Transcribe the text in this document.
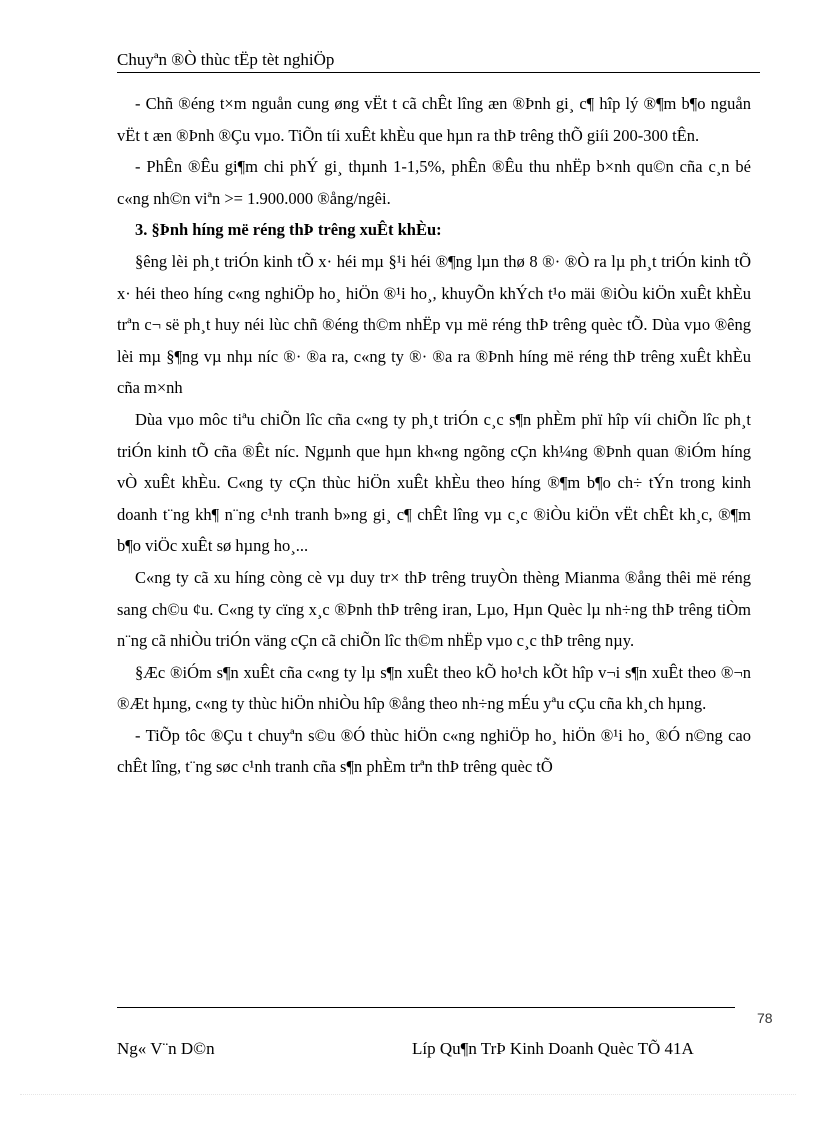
Chuyªn ®Ò thùc tËp tèt nghiÖp

- Chñ ®éng t×m nguån cung øng vËt t cã chÊt lîng æn ®Þnh gi¸ c¶ hîp lý ®¶m b¶o nguån vËt t æn ®Þnh ®Çu vµo. TiÕn tíi xuÊt khÈu que hµn ra thÞ trêng thÕ giíi 200-300 tÊn.

- PhÊn ®Êu gi¶m chi phÝ gi¸ thµnh 1-1,5%, phÊn ®Êu thu nhËp b×nh qu©n cña c¸n bé c«ng nh©n viªn >= 1.900.000 ®ång/ngêi.

3. §Þnh híng më réng thÞ trêng xuÊt khÈu:

§êng lèi ph¸t triÓn kinh tÕ x· héi mµ §¹i héi ®¶ng lµn thø 8 ®· ®Ò ra lµ ph¸t triÓn kinh tÕ x· héi theo híng c«ng nghiÖp ho¸ hiÖn ®¹i ho¸, khuyÕn khÝch t¹o mäi ®iÒu kiÖn xuÊt khÈu trªn c¬ së ph¸t huy néi lùc chñ ®éng th©m nhËp vµ më réng thÞ trêng quèc tÕ. Dùa vµo ®êng lèi mµ §¶ng vµ nhµ níc ®· ®a ra, c«ng ty ®· ®a ra ®Þnh híng më réng thÞ trêng xuÊt khÈu cña m×nh

Dùa vµo môc tiªu chiÕn lîc cña c«ng ty ph¸t triÓn c¸c s¶n phÈm phï hîp víi chiÕn lîc ph¸t triÓn kinh tÕ cña ®Êt níc. Ngµnh que hµn kh«ng ngõng cÇn kh¼ng ®Þnh quan ®iÓm híng vÒ xuÊt khÈu. C«ng ty cÇn thùc hiÖn xuÊt khÈu theo híng ®¶m b¶o ch÷ tÝn trong kinh doanh t¨ng kh¶ n¨ng c¹nh tranh b»ng gi¸ c¶ chÊt lîng vµ c¸c ®iÒu kiÖn vËt chÊt kh¸c, ®¶m b¶o viÖc xuÊt sø hµng ho¸...

C«ng ty cã xu híng còng cè vµ duy tr× thÞ trêng truyÒn thèng Mianma ®ång thêi më réng sang ch©u ¢u. C«ng ty cïng x¸c ®Þnh thÞ trêng iran, Lµo, Hµn Quèc lµ nh÷ng thÞ trêng tiÒm n¨ng cã nhiÒu triÓn väng cÇn cã chiÕn lîc th©m nhËp vµo c¸c thÞ trêng nµy.

§Æc ®iÓm s¶n xuÊt cña c«ng ty lµ s¶n xuÊt theo kÕ ho¹ch kÕt hîp v¬i s¶n xuÊt theo ®¬n ®Æt hµng, c«ng ty thùc hiÖn nhiÒu hîp ®ång theo nh÷ng mÉu yªu cÇu cña kh¸ch hµng.

- TiÕp tôc ®Çu t chuyªn s©u ®Ó thùc hiÖn c«ng nghiÖp ho¸ hiÖn ®¹i ho¸ ®Ó n©ng cao chÊt lîng, t¨ng søc c¹nh tranh cña s¶n phÈm trªn thÞ trêng quèc tÕ

78
Ng« V¨n D©n	Líp Qu¶n TrÞ Kinh Doanh Quèc TÕ 41A
